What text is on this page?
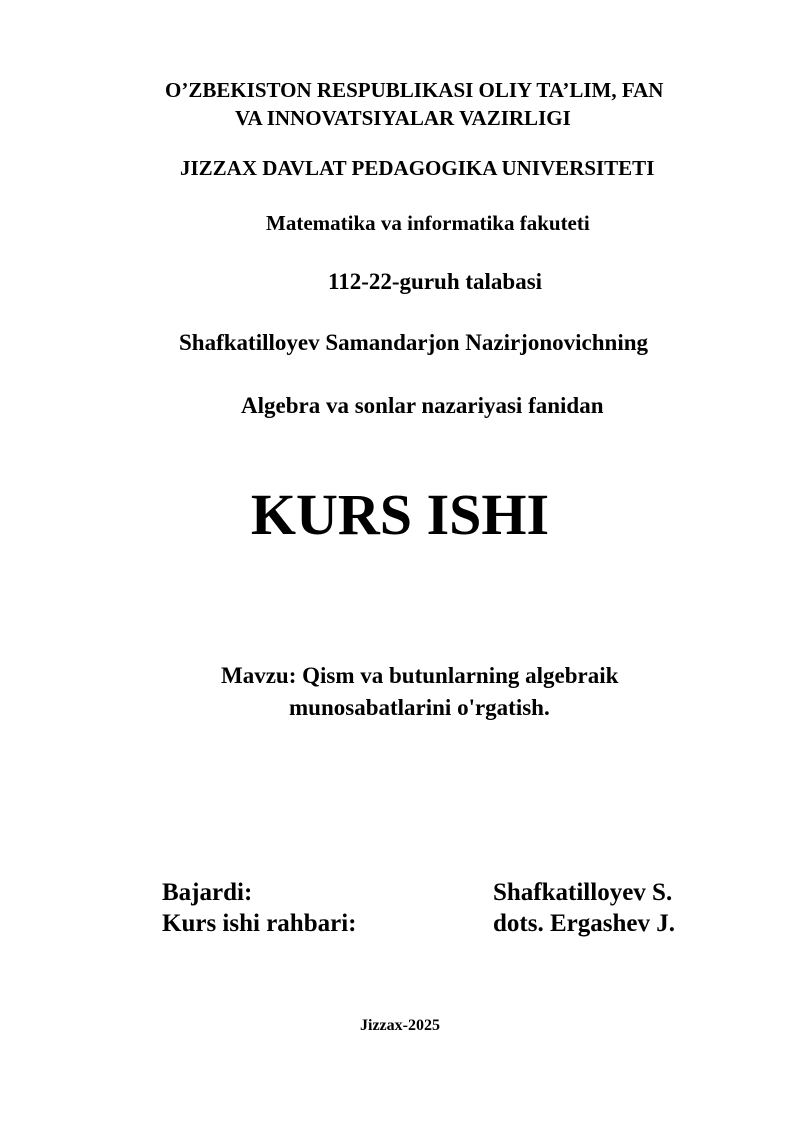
O’ZBEKISTON RESPUBLIKASI OLIY TA’LIM, FAN
VA INNOVATSIYALAR VAZIRLIGI
JIZZAX DAVLAT PEDAGOGIKA UNIVERSITETI
Matematika va informatika fakuteti
112-22-guruh talabasi
Shafkatilloyev Samandarjon Nazirjonovichning
Algebra va sonlar nazariyasi fanidan
KURS ISHI
Mavzu: Qism va butunlarning algebraik
munosabatlarini o'rgatish.
Bajardi:	Shafkatilloyev S.
Kurs ishi rahbari:	dots. Ergashev J.
Jizzax-2025
